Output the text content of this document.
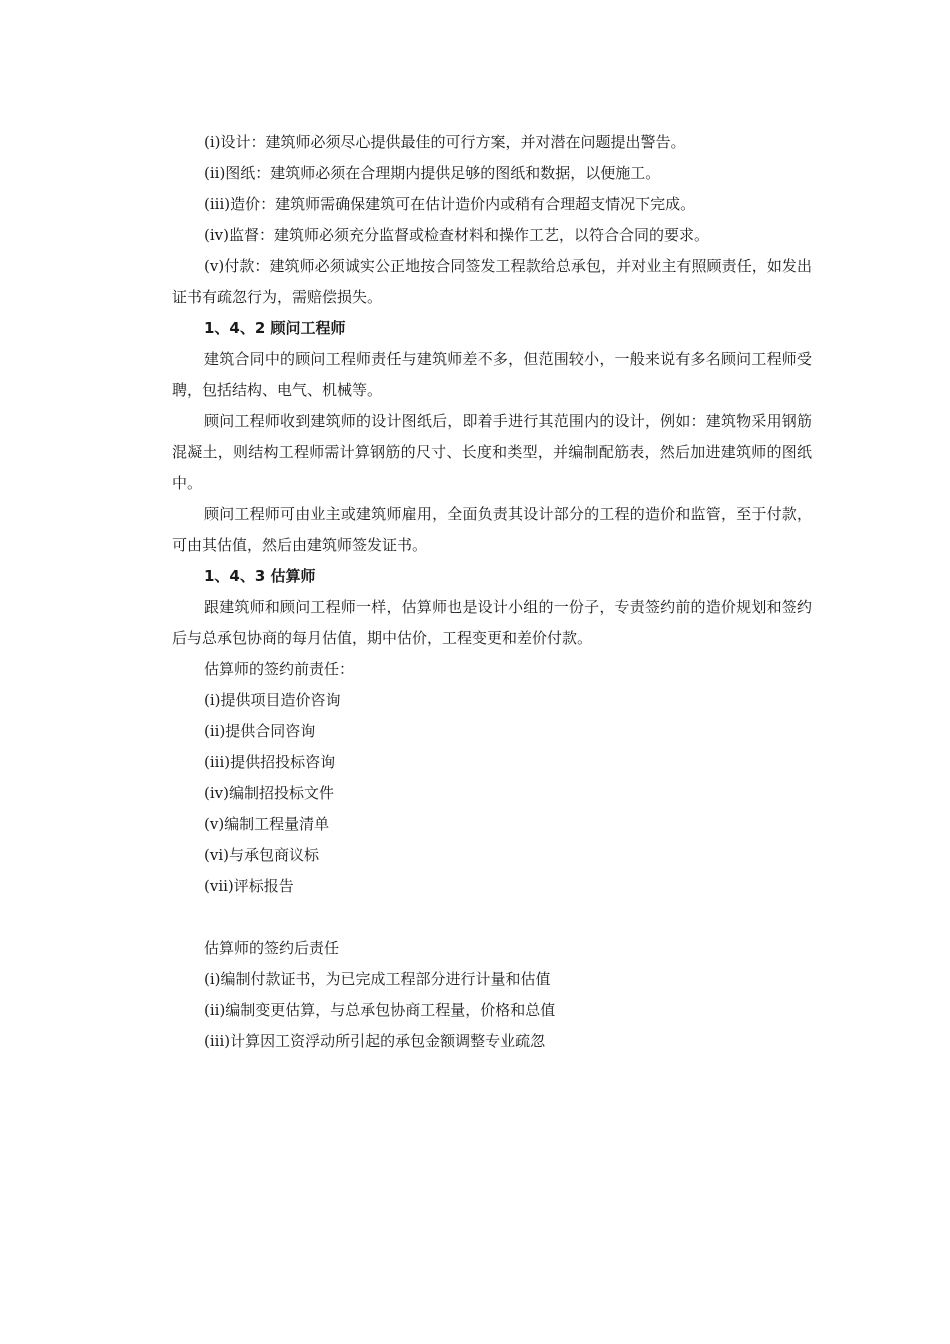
(i)设计：建筑师必须尽心提供最佳的可行方案，并对潜在问题提出警告。
(ii)图纸：建筑师必须在合理期内提供足够的图纸和数据，以便施工。
(iii)造价：建筑师需确保建筑可在估计造价内或稍有合理超支情况下完成。
(iv)监督：建筑师必须充分监督或检查材料和操作工艺，以符合合同的要求。

(v)付款：建筑师必须诚实公正地按合同签发工程款给总承包，并对业主有照顾责任，如发出证书有疏忽行为，需赔偿损失。

1、4、2 顾问工程师

建筑合同中的顾问工程师责任与建筑师差不多，但范围较小，一般来说有多名顾问工程师受聘，包括结构、电气、机械等。

顾问工程师收到建筑师的设计图纸后，即着手进行其范围内的设计，例如：建筑物采用钢筋混凝土，则结构工程师需计算钢筋的尺寸、长度和类型，并编制配筋表，然后加进建筑师的图纸中。

顾问工程师可由业主或建筑师雇用，全面负责其设计部分的工程的造价和监管，至于付款，可由其估值，然后由建筑师签发证书。

1、4、3 估算师

跟建筑师和顾问工程师一样，估算师也是设计小组的一份子，专责签约前的造价规划和签约后与总承包协商的每月估值，期中估价，工程变更和差价付款。

估算师的签约前责任：
(i)提供项目造价咨询
(ii)提供合同咨询
(iii)提供招投标咨询
(iv)编制招投标文件
(v)编制工程量清单
(vi)与承包商议标
(vii)评标报告
估算师的签约后责任
(i)编制付款证书，为已完成工程部分进行计量和估值
(ii)编制变更估算，与总承包协商工程量，价格和总值
(iii)计算因工资浮动所引起的承包金额调整专业疏忽
